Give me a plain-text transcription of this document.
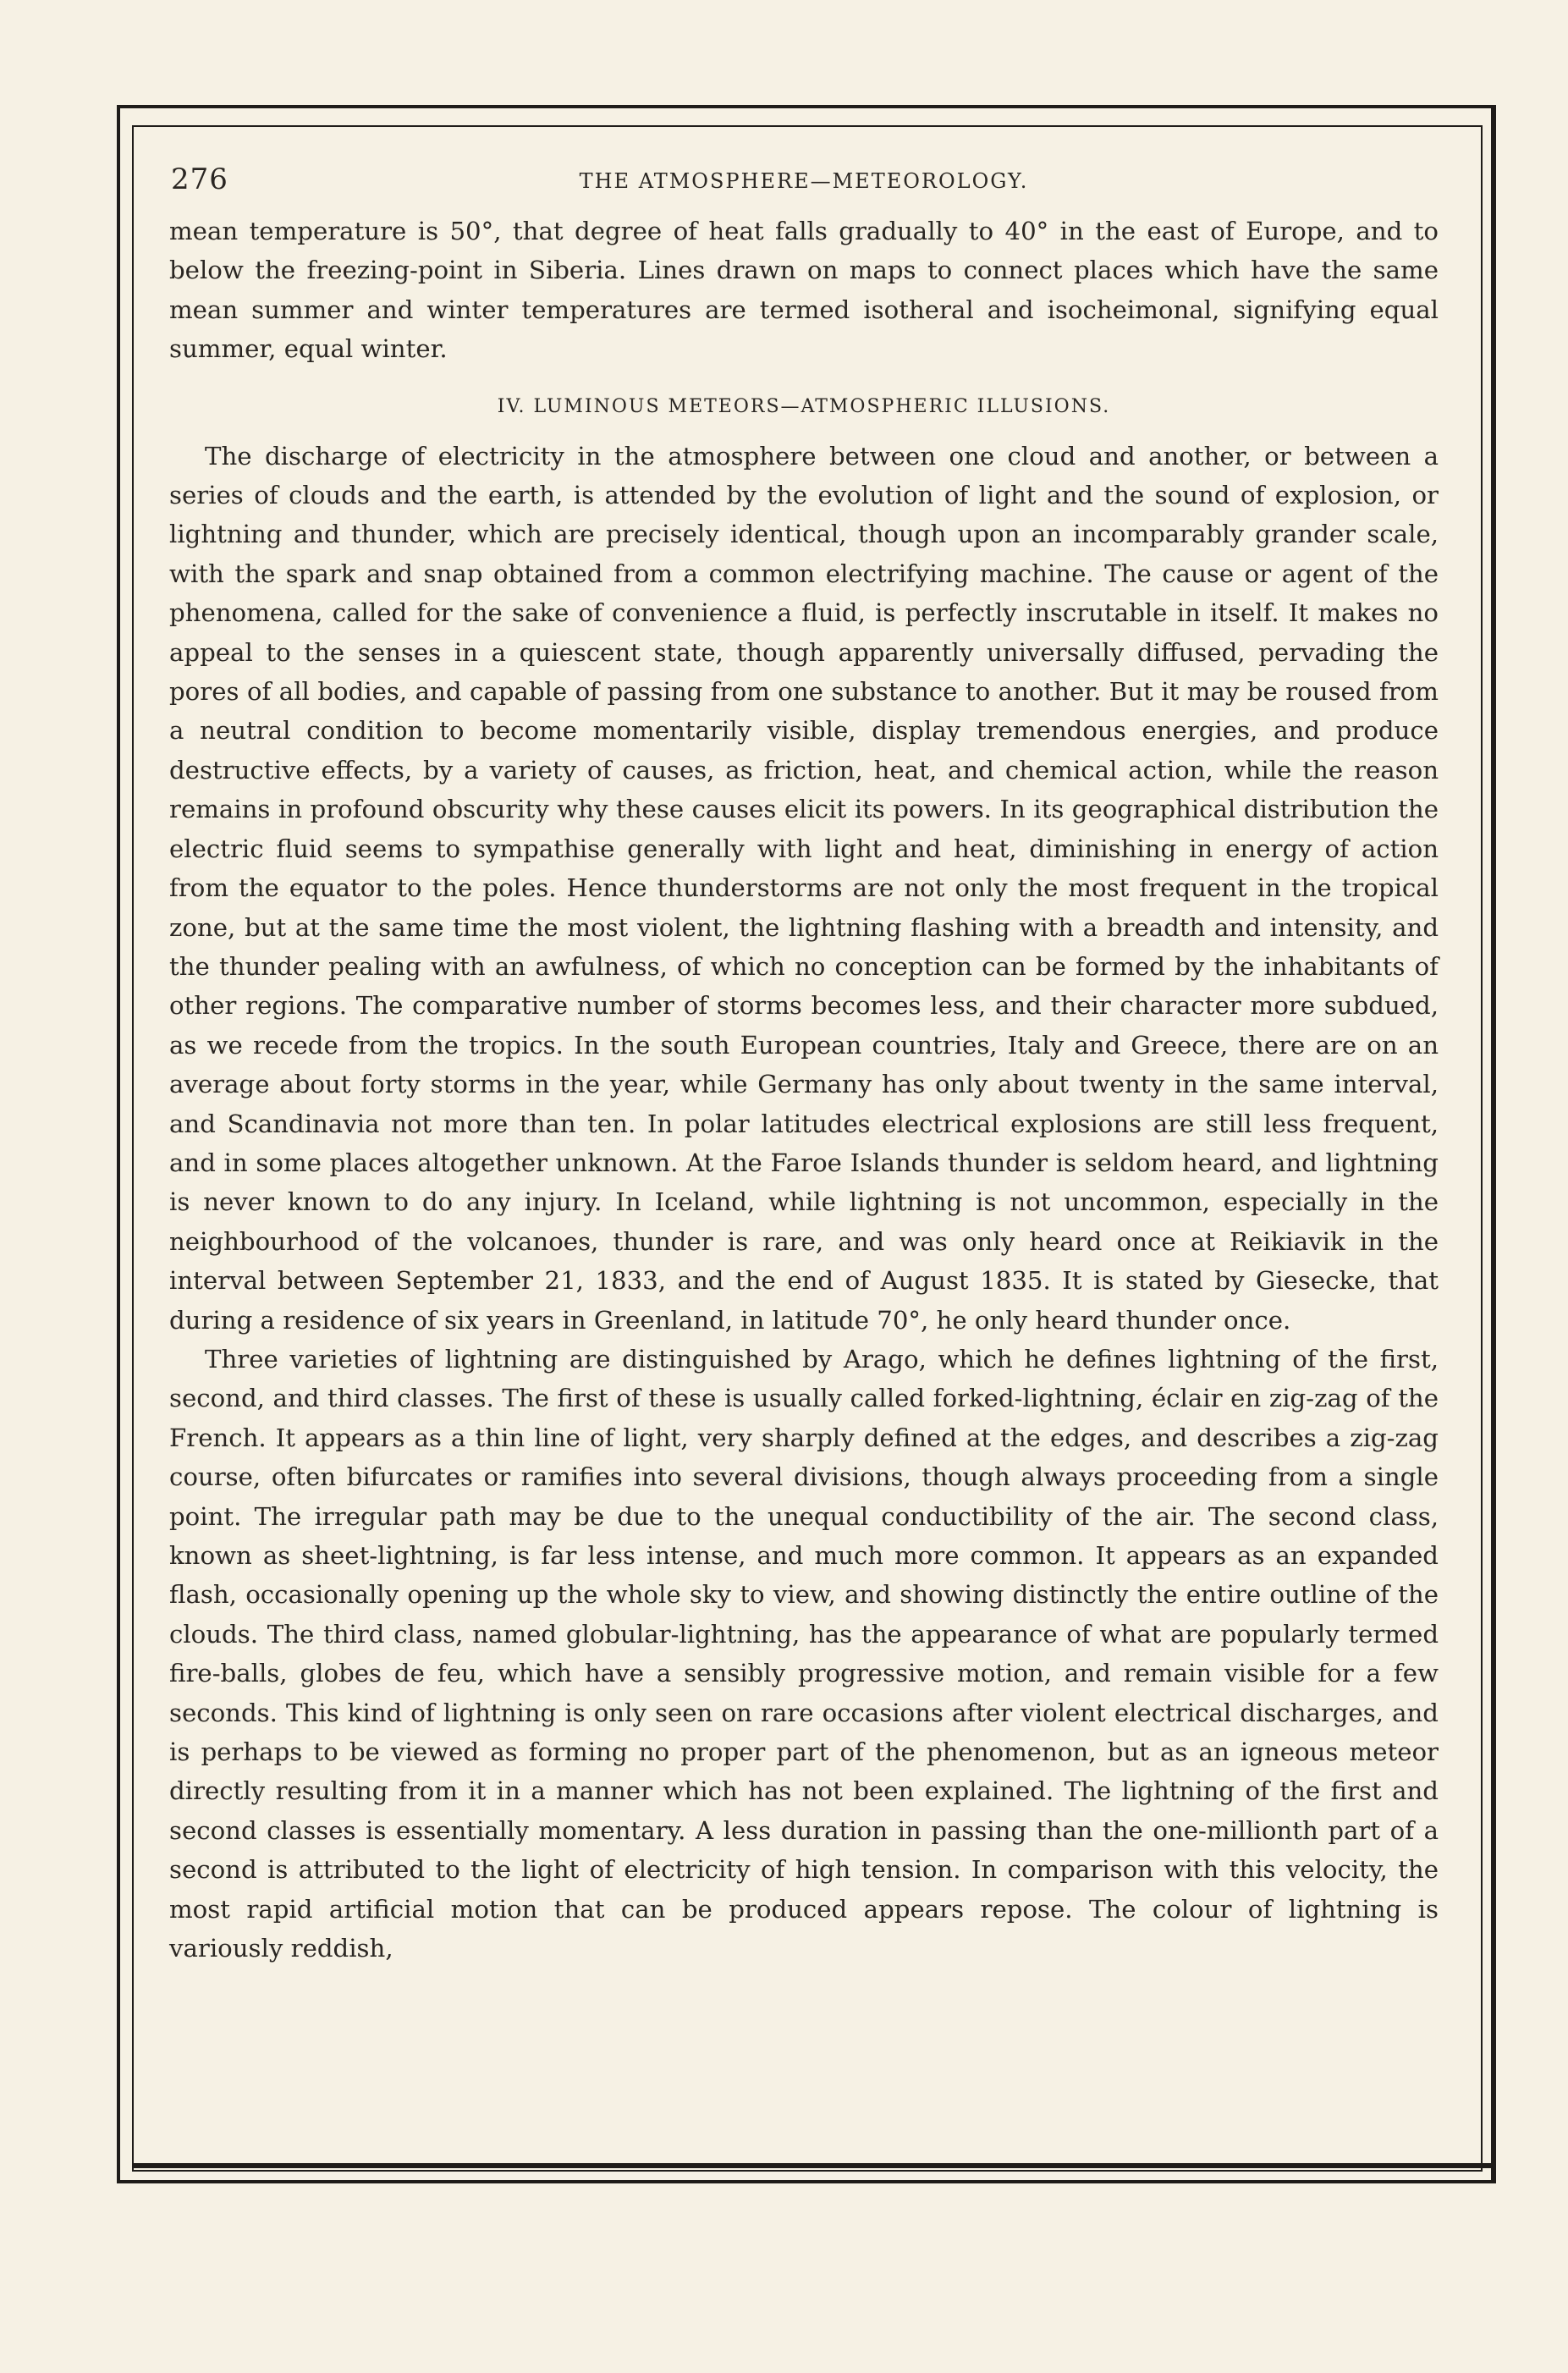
276	THE ATMOSPHERE—METEOROLOGY.

mean temperature is 50°, that degree of heat falls gradually to 40° in the east of Europe, and to below the freezing-point in Siberia. Lines drawn on maps to connect places which have the same mean summer and winter temperatures are termed isotheral and isocheimonal, signifying equal summer, equal winter.

IV. LUMINOUS METEORS—ATMOSPHERIC ILLUSIONS.

The discharge of electricity in the atmosphere between one cloud and another, or between a series of clouds and the earth, is attended by the evolution of light and the sound of explosion, or lightning and thunder, which are precisely identical, though upon an incomparably grander scale, with the spark and snap obtained from a common electrifying machine. The cause or agent of the phenomena, called for the sake of convenience a fluid, is perfectly inscrutable in itself. It makes no appeal to the senses in a quiescent state, though apparently universally diffused, pervading the pores of all bodies, and capable of passing from one substance to another. But it may be roused from a neutral condition to become momentarily visible, display tremendous energies, and produce destructive effects, by a variety of causes, as friction, heat, and chemical action, while the reason remains in profound obscurity why these causes elicit its powers. In its geographical distribution the electric fluid seems to sympathise generally with light and heat, diminishing in energy of action from the equator to the poles. Hence thunderstorms are not only the most frequent in the tropical zone, but at the same time the most violent, the lightning flashing with a breadth and intensity, and the thunder pealing with an awfulness, of which no conception can be formed by the inhabitants of other regions. The comparative number of storms becomes less, and their character more subdued, as we recede from the tropics. In the south European countries, Italy and Greece, there are on an average about forty storms in the year, while Germany has only about twenty in the same interval, and Scandinavia not more than ten. In polar latitudes electrical explosions are still less frequent, and in some places altogether unknown. At the Faroe Islands thunder is seldom heard, and lightning is never known to do any injury. In Iceland, while lightning is not uncommon, especially in the neighbourhood of the volcanoes, thunder is rare, and was only heard once at Reikiavik in the interval between September 21, 1833, and the end of August 1835. It is stated by Giesecke, that during a residence of six years in Greenland, in latitude 70°, he only heard thunder once.

Three varieties of lightning are distinguished by Arago, which he defines lightning of the first, second, and third classes. The first of these is usually called forked-lightning, éclair en zig-zag of the French. It appears as a thin line of light, very sharply defined at the edges, and describes a zig-zag course, often bifurcates or ramifies into several divisions, though always proceeding from a single point. The irregular path may be due to the unequal conductibility of the air. The second class, known as sheet-lightning, is far less intense, and much more common. It appears as an expanded flash, occasionally opening up the whole sky to view, and showing distinctly the entire outline of the clouds. The third class, named globular-lightning, has the appearance of what are popularly termed fire-balls, globes de feu, which have a sensibly progressive motion, and remain visible for a few seconds. This kind of lightning is only seen on rare occasions after violent electrical discharges, and is perhaps to be viewed as forming no proper part of the phenomenon, but as an igneous meteor directly resulting from it in a manner which has not been explained. The lightning of the first and second classes is essentially momentary. A less duration in passing than the one-millionth part of a second is attributed to the light of electricity of high tension. In comparison with this velocity, the most rapid artificial motion that can be produced appears repose. The colour of lightning is variously reddish,
